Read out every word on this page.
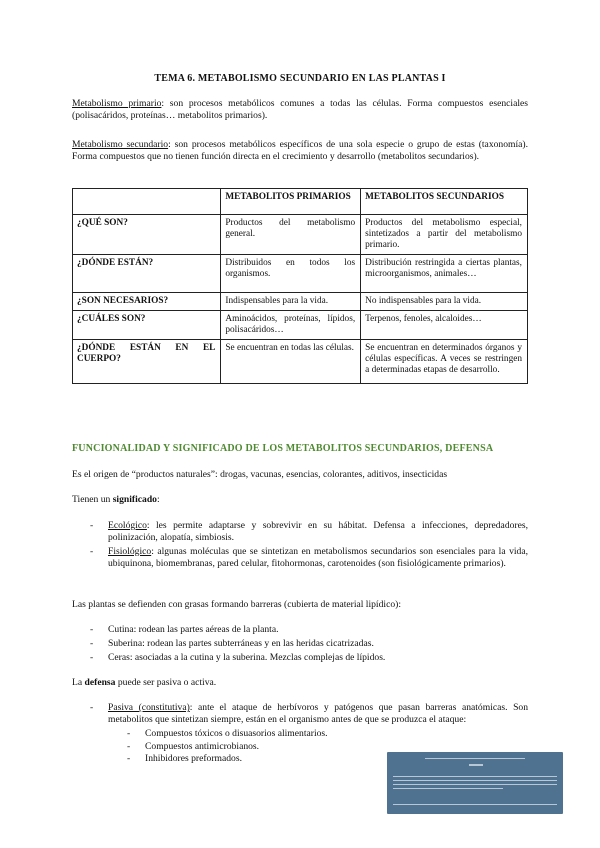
TEMA 6. METABOLISMO SECUNDARIO EN LAS PLANTAS I
Metabolismo primario: son procesos metabólicos comunes a todas las células. Forma compuestos esenciales (polisacáridos, proteínas… metabolitos primarios).
Metabolismo secundario: son procesos metabólicos específicos de una sola especie o grupo de estas (taxonomía). Forma compuestos que no tienen función directa en el crecimiento y desarrollo (metabolitos secundarios).
	METABOLITOS PRIMARIOS	METABOLITOS SECUNDARIOS
¿QUÉ SON?	Productos del metabolismo general.	Productos del metabolismo especial, sintetizados a partir del metabolismo primario.
¿DÓNDE ESTÁN?	Distribuidos en todos los organismos.	Distribución restringida a ciertas plantas, microorganismos, animales…
¿SON NECESARIOS?	Indispensables para la vida.	No indispensables para la vida.
¿CUÁLES SON?	Aminoácidos, proteínas, lípidos, polisacáridos…	Terpenos, fenoles, alcaloides…
¿DÓNDE ESTÁN EN EL CUERPO?	Se encuentran en todas las células.	Se encuentran en determinados órganos y células específicas. A veces se restringen a determinadas etapas de desarrollo.
FUNCIONALIDAD Y SIGNIFICADO DE LOS METABOLITOS SECUNDARIOS, DEFENSA
Es el origen de “productos naturales”: drogas, vacunas, esencias, colorantes, aditivos, insecticidas
Tienen un significado:
- Ecológico: les permite adaptarse y sobrevivir en su hábitat. Defensa a infecciones, depredadores, polinización, alopatía, simbiosis.
- Fisiológico: algunas moléculas que se sintetizan en metabolismos secundarios son esenciales para la vida, ubiquinona, biomembranas, pared celular, fitohormonas, carotenoides (son fisiológicamente primarios).
Las plantas se defienden con grasas formando barreras (cubierta de material lipídico):
- Cutina: rodean las partes aéreas de la planta.
- Suberina: rodean las partes subterráneas y en las heridas cicatrizadas.
- Ceras: asociadas a la cutina y la suberina. Mezclas complejas de lípidos.
La defensa puede ser pasiva o activa.
- Pasiva (constitutiva): ante el ataque de herbívoros y patógenos que pasan barreras anatómicas. Son metabolitos que sintetizan siempre, están en el organismo antes de que se produzca el ataque:
- Compuestos tóxicos o disuasorios alimentarios.
- Compuestos antimicrobianos.
- Inhibidores preformados.
